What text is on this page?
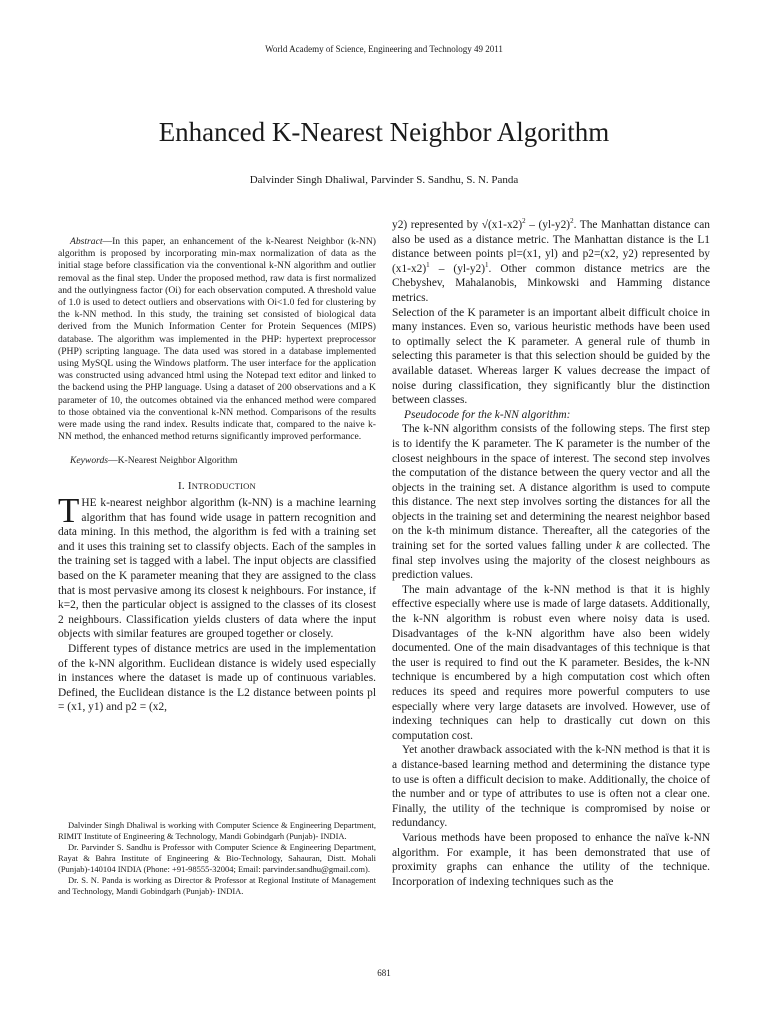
World Academy of Science, Engineering and Technology 49 2011
Enhanced K-Nearest Neighbor Algorithm
Dalvinder Singh Dhaliwal, Parvinder S. Sandhu, S. N. Panda

Abstract—In this paper, an enhancement of the k-Nearest Neighbor (k-NN) algorithm is proposed by incorporating min-max normalization of data as the initial stage before classification via the conventional k-NN algorithm and outlier removal as the final step. Under the proposed method, raw data is first normalized and the outlyingness factor (Oi) for each observation computed. A threshold value of 1.0 is used to detect outliers and observations with Oi<1.0 fed for clustering by the k-NN method. In this study, the training set consisted of biological data derived from the Munich Information Center for Protein Sequences (MIPS) database. The algorithm was implemented in the PHP: hypertext preprocessor (PHP) scripting language. The data used was stored in a database implemented using MySQL using the Windows platform. The user interface for the application was constructed using advanced html using the Notepad text editor and linked to the backend using the PHP language. Using a dataset of 200 observations and a K parameter of 10, the outcomes obtained via the enhanced method were compared to those obtained via the conventional k-NN method. Comparisons of the results were made using the rand index. Results indicate that, compared to the naive k-NN method, the enhanced method returns significantly improved performance.

Keywords—K-Nearest Neighbor Algorithm

I. INTRODUCTION

THE k-nearest neighbor algorithm (k-NN) is a machine learning algorithm that has found wide usage in pattern recognition and data mining. In this method, the algorithm is fed with a training set and it uses this training set to classify objects. Each of the samples in the training set is tagged with a label. The input objects are classified based on the K parameter meaning that they are assigned to the class that is most pervasive among its closest k neighbours. For instance, if k=2, then the particular object is assigned to the classes of its closest 2 neighbours. Classification yields clusters of data where the input objects with similar features are grouped together or closely.

Different types of distance metrics are used in the implementation of the k-NN algorithm. Euclidean distance is widely used especially in instances where the dataset is made up of continuous variables. Defined, the Euclidean distance is the L2 distance between points pl = (x1, y1) and p2 = (x2,

y2) represented by $√(x1-x2)^2 - (yl-y2)^2$. The Manhattan distance can also be used as a distance metric. The Manhattan distance is the L1 distance between points pl=(x1, yl) and p2=(x2, y2) represented by $(x1-x2)^1 - (yl-y2)^1$. Other common distance metrics are the Chebyshev, Mahalanobis, Minkowski and Hamming distance metrics.

Selection of the K parameter is an important albeit difficult choice in many instances. Even so, various heuristic methods have been used to optimally select the K parameter. A general rule of thumb in selecting this parameter is that this selection should be guided by the available dataset. Whereas larger K values decrease the impact of noise during classification, they significantly blur the distinction between classes.

Pseudocode for the k-NN algorithm:

The k-NN algorithm consists of the following steps. The first step is to identify the K parameter. The K parameter is the number of the closest neighbours in the space of interest. The second step involves the computation of the distance between the query vector and all the objects in the training set. A distance algorithm is used to compute this distance. The next step involves sorting the distances for all the objects in the training set and determining the nearest neighbor based on the k-th minimum distance. Thereafter, all the categories of the training set for the sorted values falling under k are collected. The final step involves using the majority of the closest neighbours as prediction values.

The main advantage of the k-NN method is that it is highly effective especially where use is made of large datasets. Additionally, the k-NN algorithm is robust even where noisy data is used. Disadvantages of the k-NN algorithm have also been widely documented. One of the main disadvantages of this technique is that the user is required to find out the K parameter. Besides, the k-NN technique is encumbered by a high computation cost which often reduces its speed and requires more powerful computers to use especially where very large datasets are involved. However, use of indexing techniques can help to drastically cut down on this computation cost.

Yet another drawback associated with the k-NN method is that it is a distance-based learning method and determining the distance type to use is often a difficult decision to make. Additionally, the choice of the number and or type of attributes to use is often not a clear one. Finally, the utility of the technique is compromised by noise or redundancy.

Various methods have been proposed to enhance the naïve k-NN algorithm. For example, it has been demonstrated that use of proximity graphs can enhance the utility of the technique. Incorporation of indexing techniques such as the

Dalvinder Singh Dhaliwal is working with Computer Science & Engineering Department, RIMIT Institute of Engineering & Technology, Mandi Gobindgarh (Punjab)- INDIA.

Dr. Parvinder S. Sandhu is Professor with Computer Science & Engineering Department, Rayat & Bahra Institute of Engineering & Bio-Technology, Sahauran, Distt. Mohali (Punjab)-140104 INDIA (Phone: +91-98555-32004; Email: parvinder.sandhu@gmail.com).

Dr. S. N. Panda is working as Director & Professor at Regional Institute of Management and Technology, Mandi Gobindgarh (Punjab)- INDIA.

681
